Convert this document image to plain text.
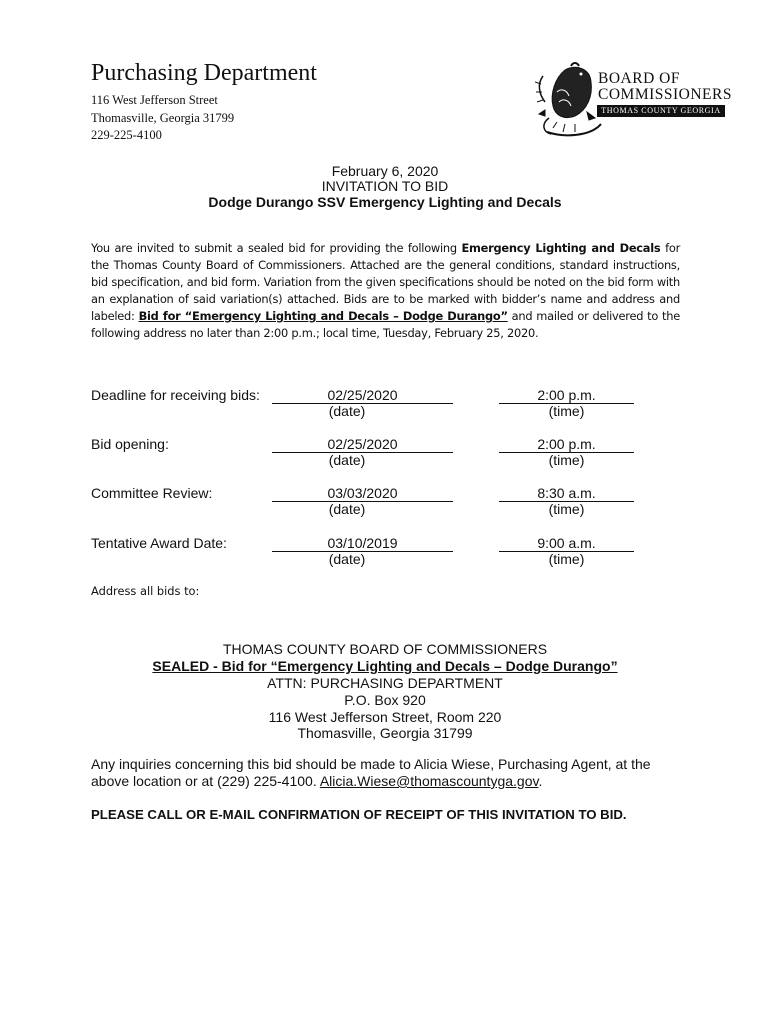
Purchasing Department
116 West Jefferson Street
Thomasville, Georgia 31799
229-225-4100
BOARD OF
COMMISSIONERS
THOMAS COUNTY GEORGIA
February 6, 2020
INVITATION TO BID
Dodge Durango SSV Emergency Lighting and Decals
You are invited to submit a sealed bid for providing the following Emergency Lighting and Decals for the Thomas County Board of Commissioners. Attached are the general conditions, standard instructions, bid specification, and bid form. Variation from the given specifications should be noted on the bid form with an explanation of said variation(s) attached. Bids are to be marked with bidder’s name and address and labeled: Bid for “Emergency Lighting and Decals – Dodge Durango” and mailed or delivered to the following address no later than 2:00 p.m.; local time, Tuesday, February 25, 2020.
Deadline for receiving bids:	02/25/2020	2:00 p.m.
(date)	(time)
Bid opening:	02/25/2020	2:00 p.m.
(date)	(time)
Committee Review:	03/03/2020	8:30 a.m.
(date)	(time)
Tentative Award Date:	03/10/2019	9:00 a.m.
(date)	(time)
Address all bids to:
THOMAS COUNTY BOARD OF COMMISSIONERS
SEALED - Bid for “Emergency Lighting and Decals – Dodge Durango”
ATTN: PURCHASING DEPARTMENT
P.O. Box 920
116 West Jefferson Street, Room 220
Thomasville, Georgia 31799
Any inquiries concerning this bid should be made to Alicia Wiese, Purchasing Agent, at the above location or at (229) 225-4100. Alicia.Wiese@thomascountyga.gov.
PLEASE CALL OR E-MAIL CONFIRMATION OF RECEIPT OF THIS INVITATION TO BID.
